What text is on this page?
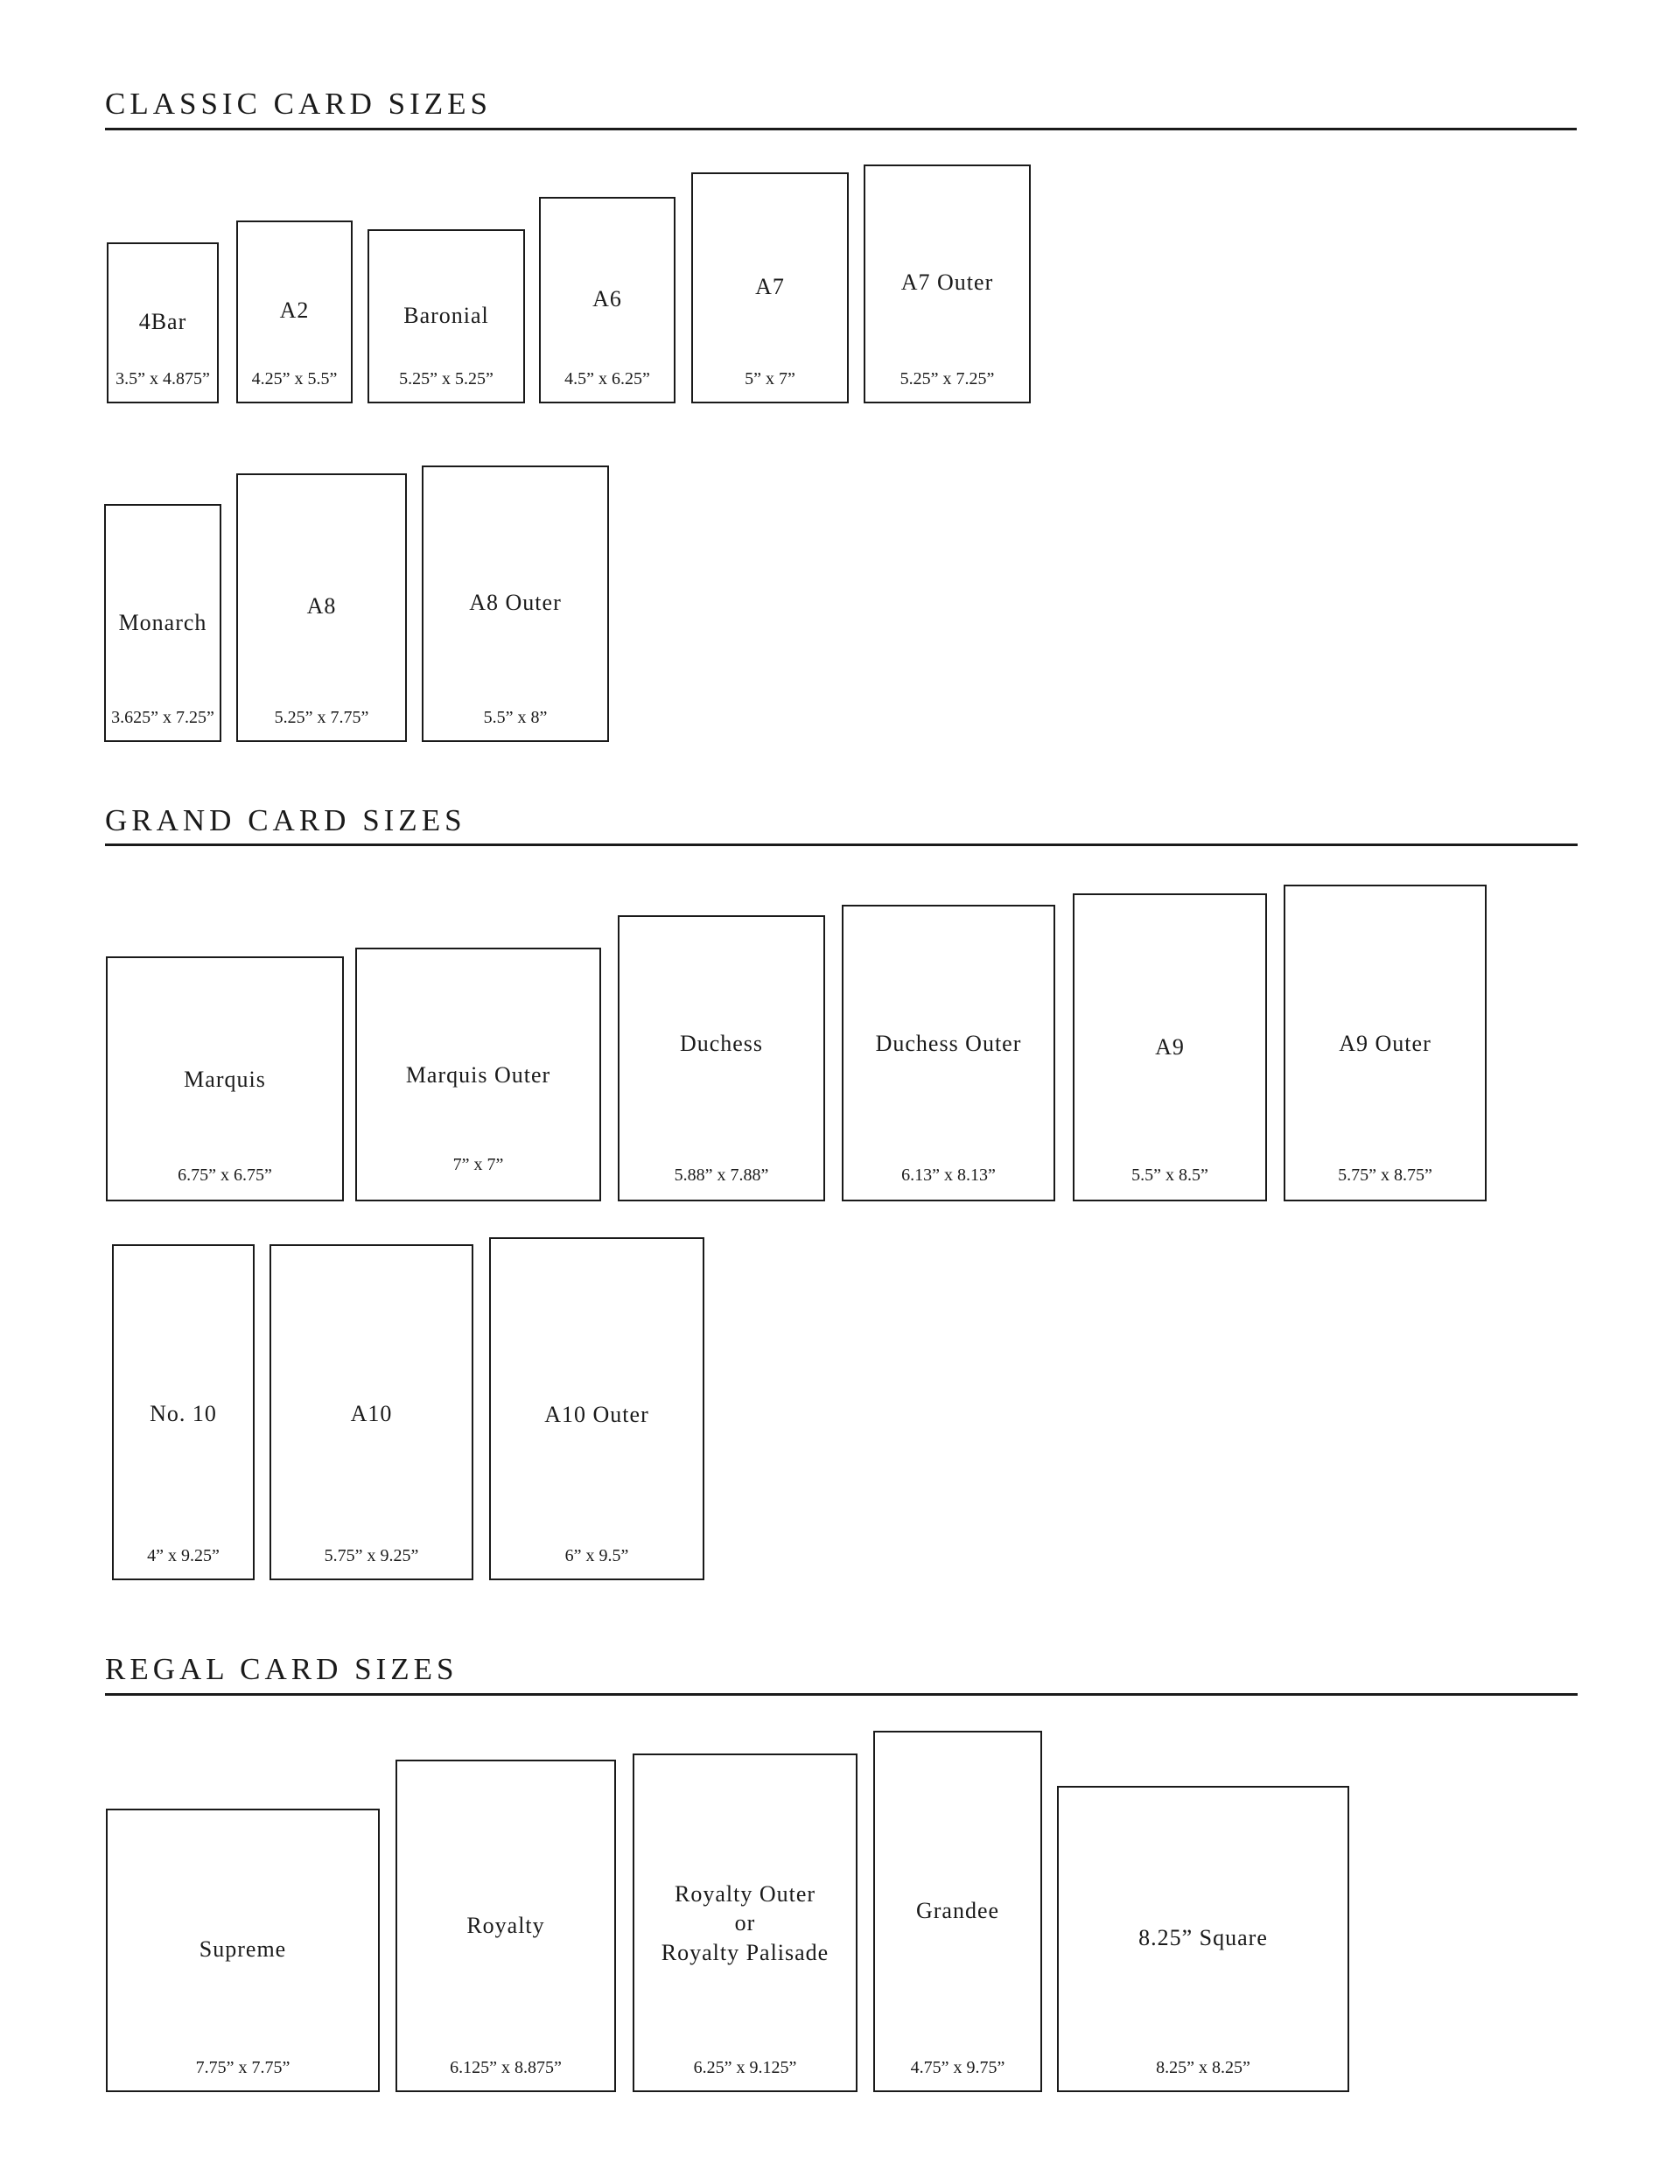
CLASSIC CARD SIZES
4Bar
3.5” x 4.875”
A2
4.25” x 5.5”
Baronial
5.25” x 5.25”
A6
4.5” x 6.25”
A7
5” x 7”
A7 Outer
5.25” x 7.25”
Monarch
3.625” x 7.25”
A8
5.25” x 7.75”
A8 Outer
5.5” x 8”
GRAND CARD SIZES
Marquis
6.75” x 6.75”
Marquis Outer
7” x 7”
Duchess
5.88” x 7.88”
Duchess Outer
6.13” x 8.13”
A9
5.5” x 8.5”
A9 Outer
5.75” x 8.75”
No. 10
4” x 9.25”
A10
5.75” x 9.25”
A10 Outer
6” x 9.5”
REGAL CARD SIZES
Supreme
7.75” x 7.75”
Royalty
6.125” x 8.875”
Royalty Outer
or
Royalty Palisade
6.25” x 9.125”
Grandee
4.75” x 9.75”
8.25” Square
8.25” x 8.25”
